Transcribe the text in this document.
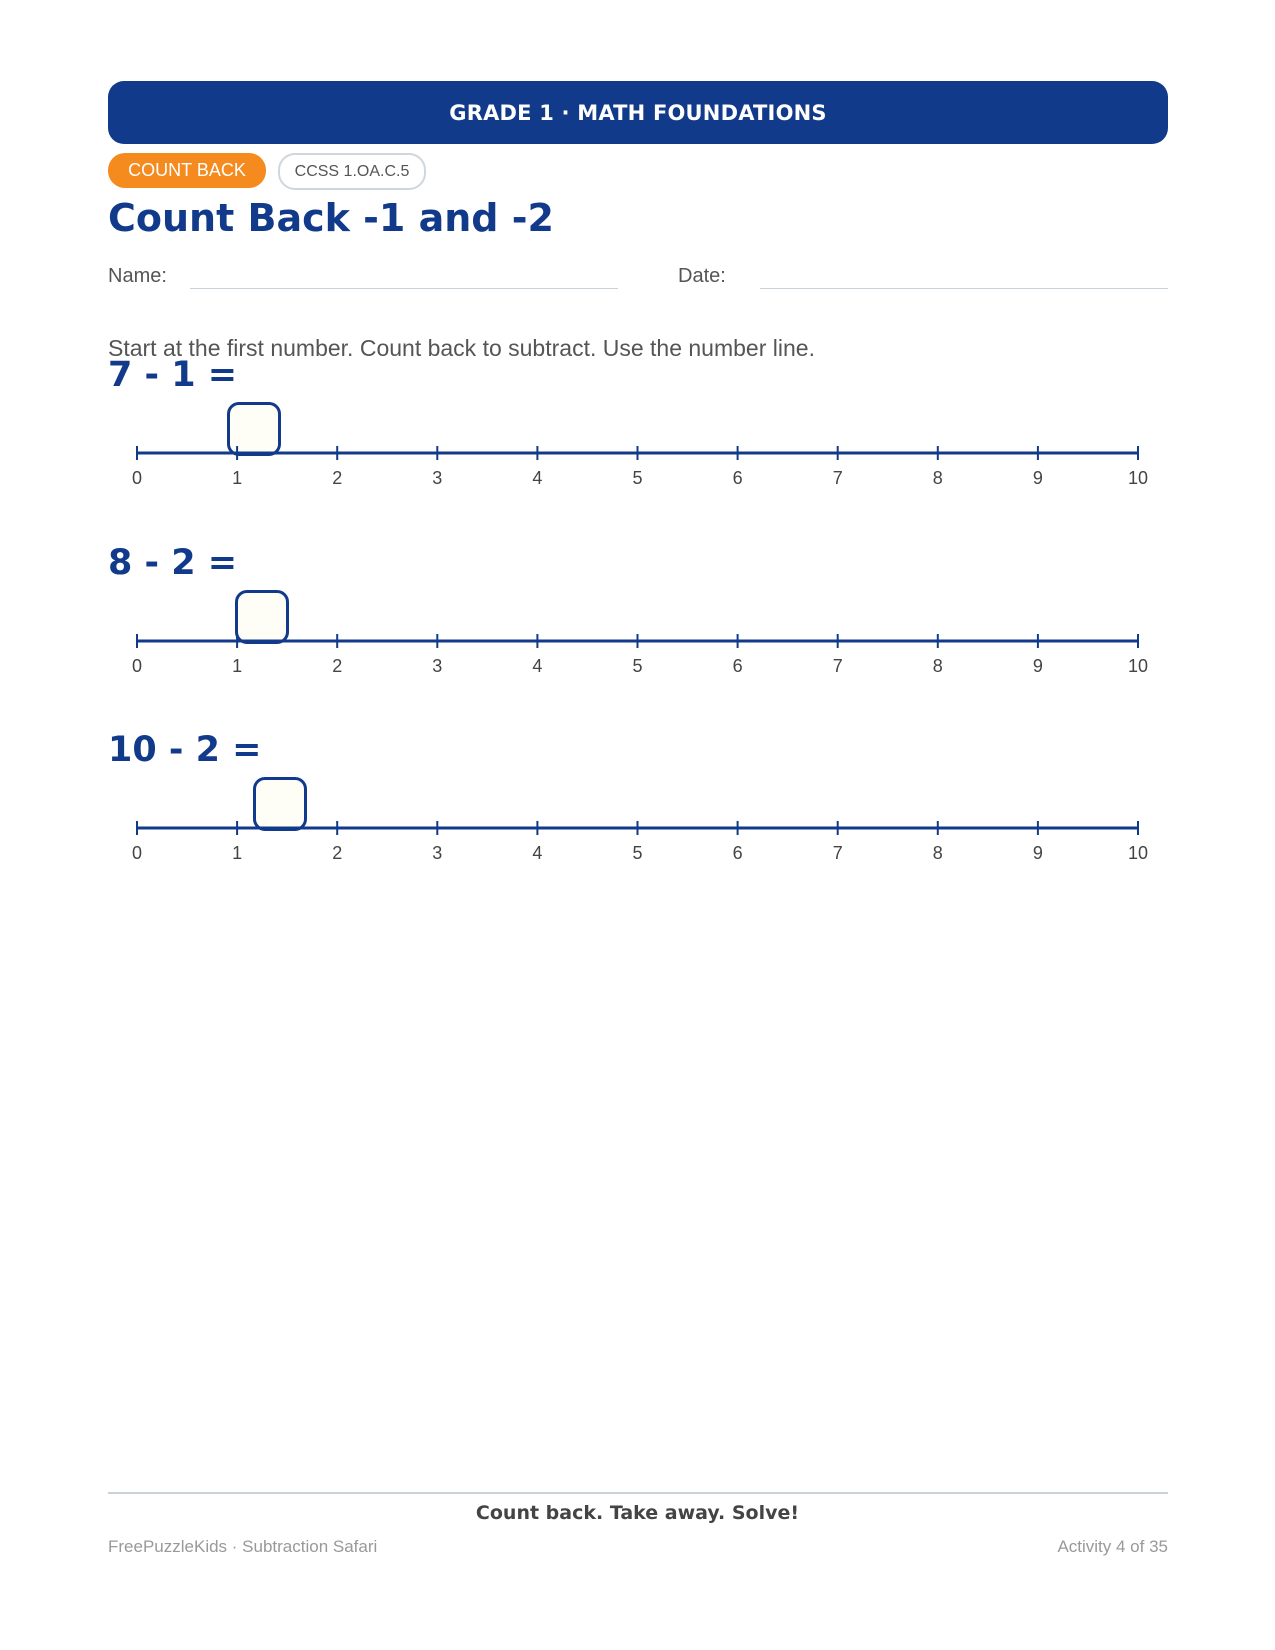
GRADE 1 · MATH FOUNDATIONS
COUNT BACK	CCSS 1.OA.C.5
Count Back -1 and -2
Name:	Date:
Start at the first number. Count back to subtract. Use the number line.
7 - 1 =
0	1	2	3	4	5	6	7	8	9	10
8 - 2 =
0	1	2	3	4	5	6	7	8	9	10
10 - 2 =
0	1	2	3	4	5	6	7	8	9	10
Count back. Take away. Solve!
FreePuzzleKids · Subtraction Safari	Activity 4 of 35
